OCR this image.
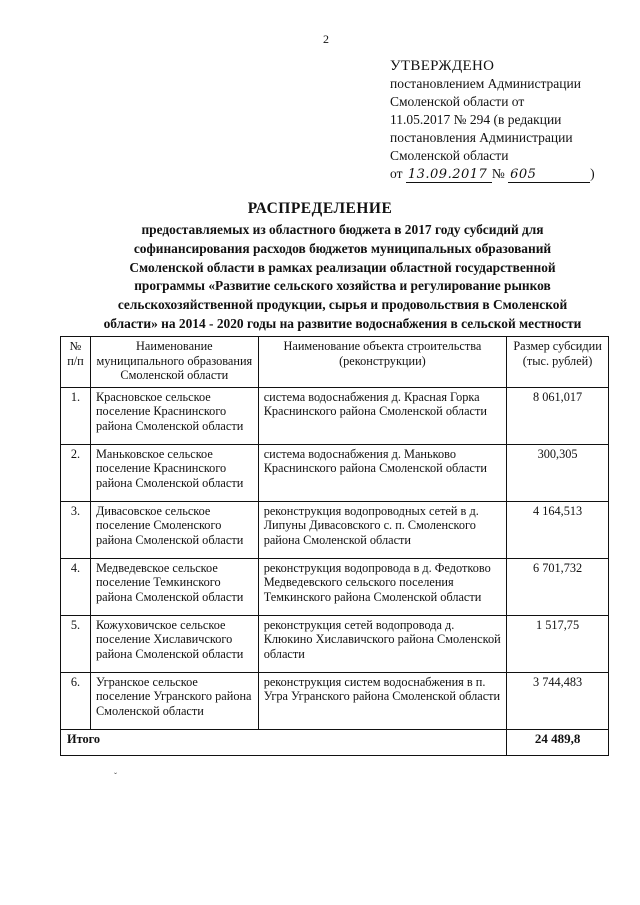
2
УТВЕРЖДЕНО
постановлением Администрации
Смоленской области от
11.05.2017 № 294 (в редакции
постановления Администрации
Смоленской области
от 13.09.2017 № 605	)
РАСПРЕДЕЛЕНИЕ
предоставляемых из областного бюджета в 2017 году субсидий для
софинансирования расходов бюджетов муниципальных образований
Смоленской области в рамках реализации областной государственной
программы «Развитие сельского хозяйства и регулирование рынков
сельскохозяйственной продукции, сырья и продовольствия в Смоленской
области» на 2014 - 2020 годы на развитие водоснабжения в сельской местности
№ п/п	Наименование муниципального образования Смоленской области	Наименование объекта строительства (реконструкции)	Размер субсидии (тыс. рублей)
1.	Красновское сельское поселение Краснинского района Смоленской области	система водоснабжения д. Красная Горка Краснинского района Смоленской области	8 061,017
2.	Маньковское сельское поселение Краснинского района Смоленской области	система водоснабжения д. Маньково Краснинского района Смоленской области	300,305
3.	Дивасовское сельское поселение Смоленского района Смоленской области	реконструкция водопроводных сетей в д. Липуны Дивасовского с. п. Смоленского района Смоленской области	4 164,513
4.	Медведевское сельское поселение Темкинского района Смоленской области	реконструкция водопровода в д. Федотково Медведевского сельского поселения Темкинского района Смоленской области	6 701,732
5.	Кожуховичское сельское поселение Хиславичского района Смоленской области	реконструкция сетей водопровода д. Клюкино Хиславичского района Смоленской области	1 517,75
6.	Угранское сельское поселение Угранского района Смоленской области	реконструкция систем водоснабжения в п. Угра Угранского района Смоленской области	3 744,483
Итого			24 489,8
ˇ
